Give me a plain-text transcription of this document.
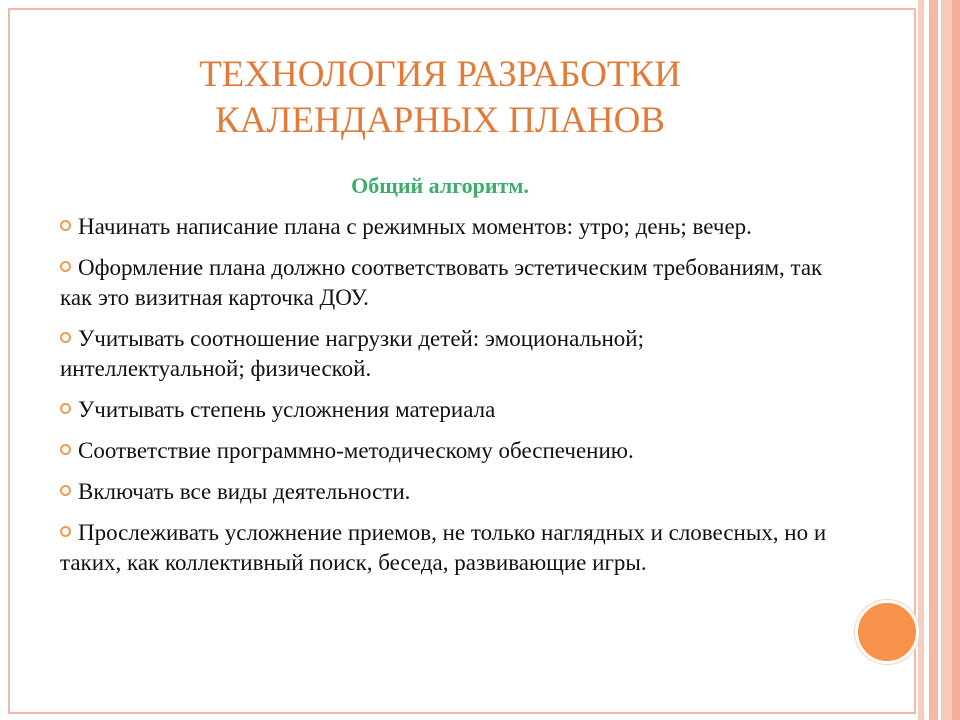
ТЕХНОЛОГИЯ РАЗРАБОТКИ
КАЛЕНДАРНЫХ ПЛАНОВ
Общий алгоритм.
Начинать написание плана с режимных моментов: утро; день; вечер.
Оформление плана должно соответствовать эстетическим требованиям, так как это визитная карточка ДОУ.
Учитывать соотношение нагрузки детей: эмоциональной; интеллектуальной; физической.
Учитывать степень усложнения материала
Соответствие программно-методическому обеспечению.
Включать все виды деятельности.
Прослеживать усложнение приемов, не только наглядных и словесных, но и таких, как коллективный поиск, беседа, развивающие игры.
